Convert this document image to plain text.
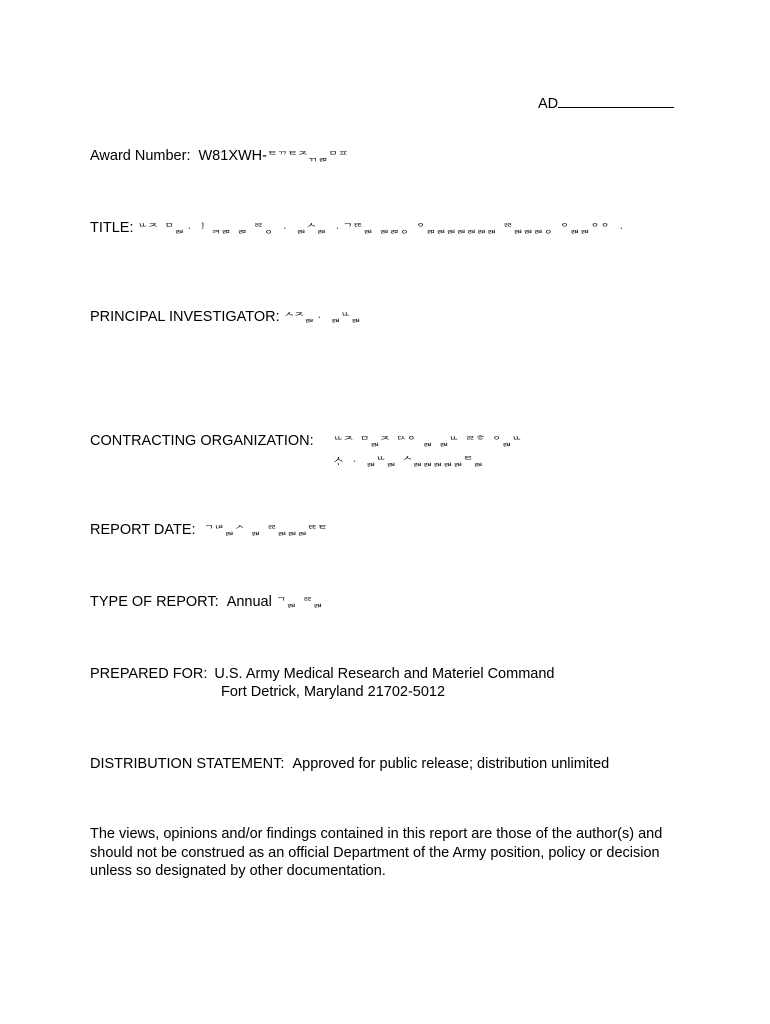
AD
Award Number: W81XWH-ᄐᄁᄐᄌᆩᆱᄆᄑ
TITLE: ᄔᄌ ᄆᆲᆞᆝ ᆿᆱ ᆱ ᄙᆼ ᆞ ᆲᄉᆲ ᆞᄀᄐᄐᆲ ᆲᆱᆼ ᄋᆱᆲᆲᆲᆲᆲᆲ ᄙᆲᆲᆲᆼ ᄋᆲᆲᄋᄋ ᆞ
PRINCIPAL INVESTIGATOR: ᄉᄌᆲᆞ ᆲᄔᆲ
CONTRACTING ORGANIZATION: ᄔᄌ ᄆᆲᄌ ᄃᄉᄋ ᆲ ᆲᄔ ᄙᄒ ᄋᆲᄔ
ᄉᆞ ᆞ ᆲᄔᆲ ᄉᆲᆲᆲᆲᆲᄐᆲ
REPORT DATE: ᄀᄖᆲᄼ ᆲ ᄙᆲᆲᆲᄐᄐᄐ
TYPE OF REPORT: Annual ᄀᆲ ᄙᆲ
PREPARED FOR: U.S. Army Medical Research and Materiel Command
Fort Detrick, Maryland 21702-5012
DISTRIBUTION STATEMENT: Approved for public release; distribution unlimited
The views, opinions and/or findings contained in this report are those of the author(s) and
should not be construed as an official Department of the Army position, policy or decision
unless so designated by other documentation.
